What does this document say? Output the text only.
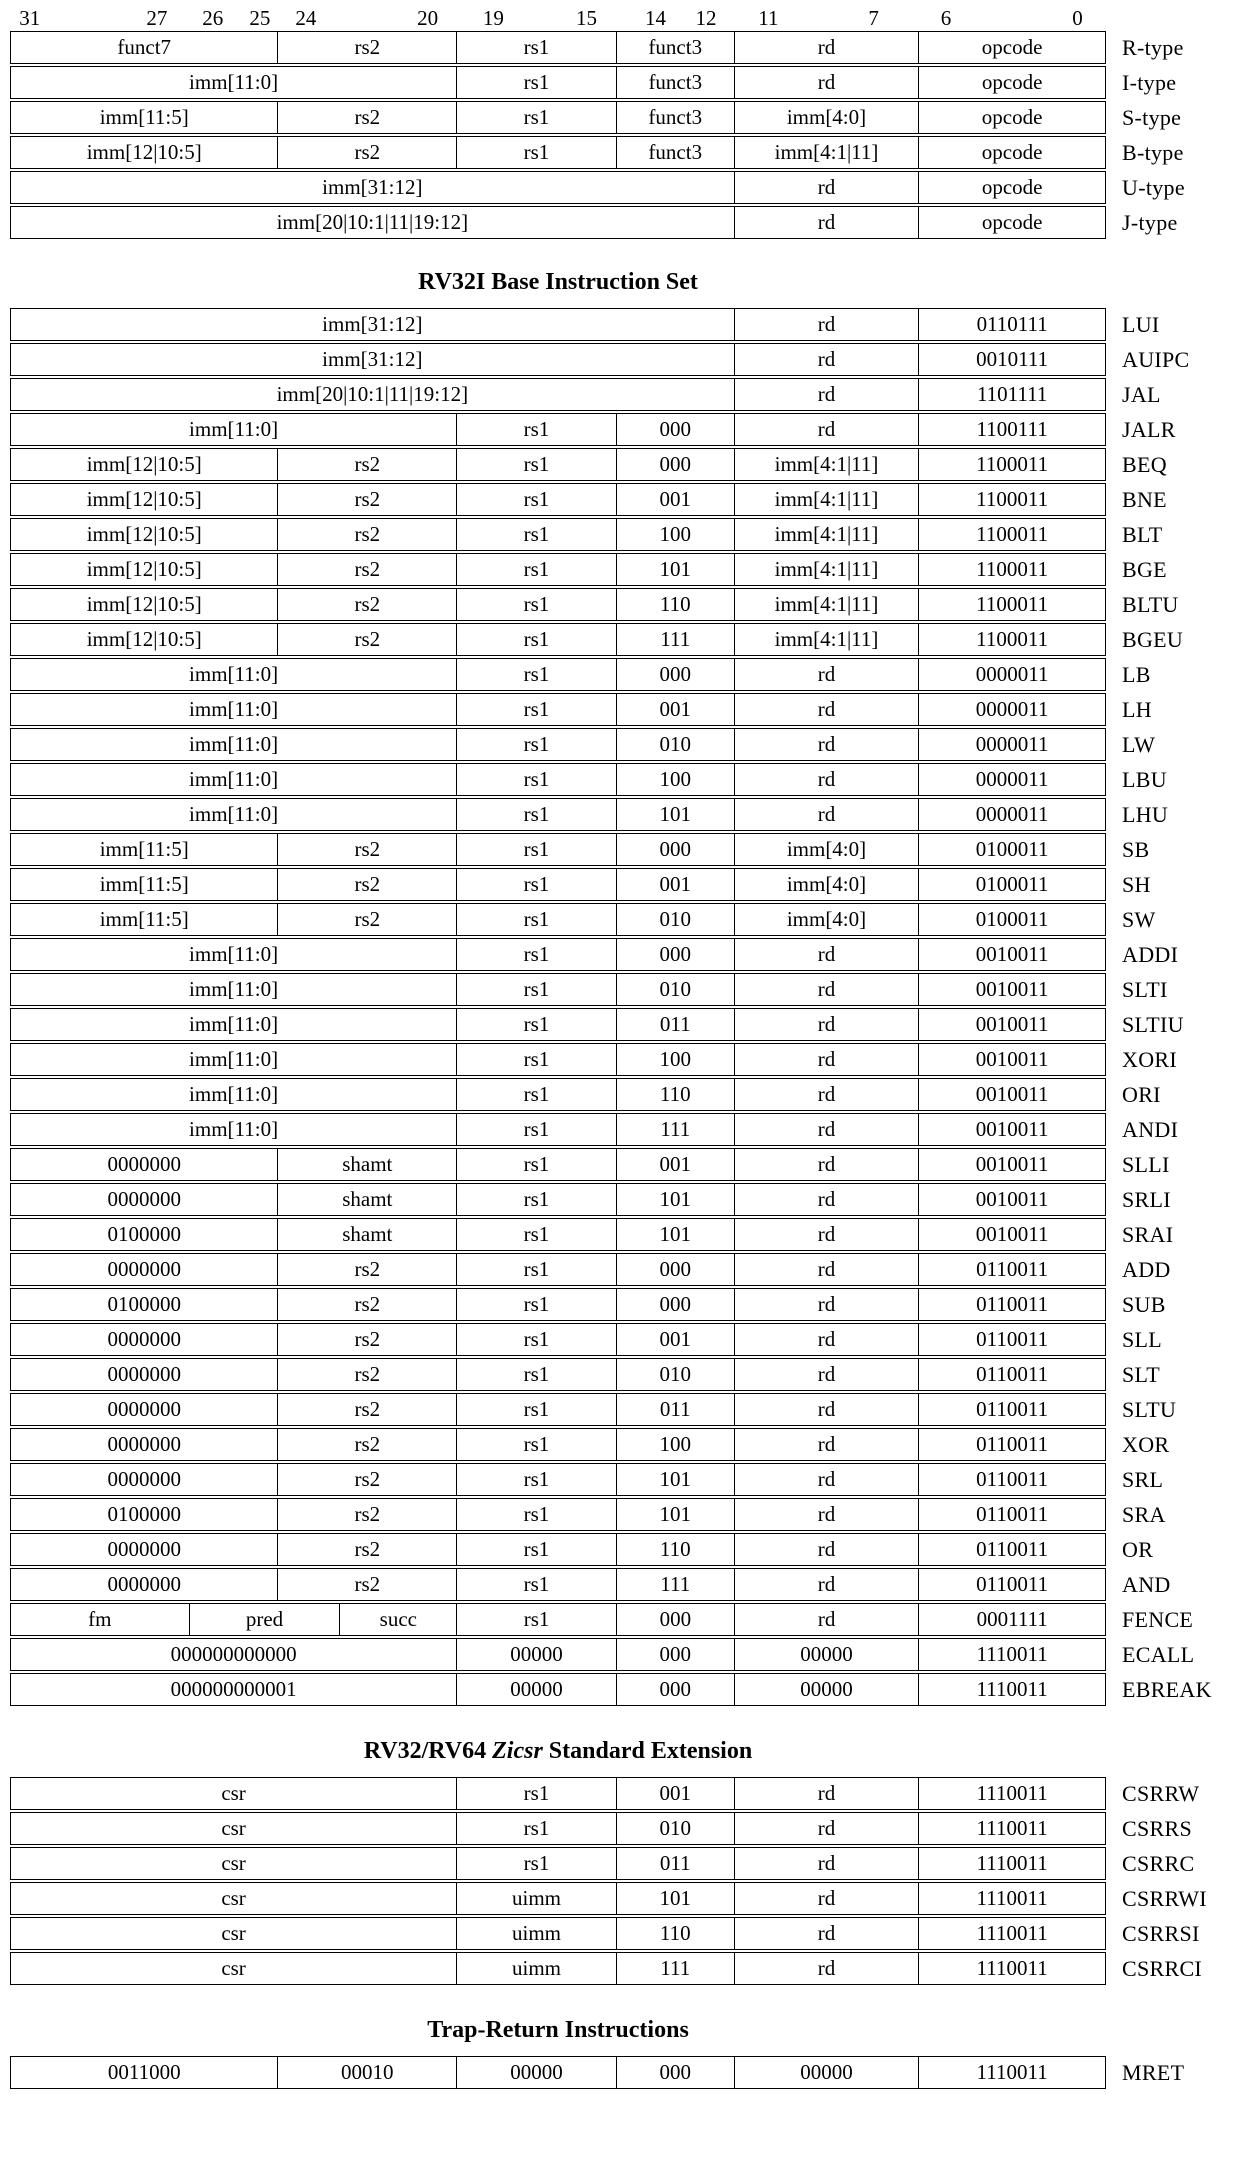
31	27 26 25 24	20 19	15 14 12 11	7	6	0
funct7	rs2	rs1	funct3	rd	opcode	R-type
imm[11:0]	rs1	funct3	rd	opcode	I-type
imm[11:5]	rs2	rs1	funct3	imm[4:0]	opcode	S-type
imm[12|10:5]	rs2	rs1	funct3	imm[4:1|11]	opcode	B-type
imm[31:12]	rd	opcode	U-type
imm[20|10:1|11|19:12]	rd	opcode	J-type
RV32I Base Instruction Set
imm[31:12]	rd	0110111	LUI
imm[31:12]	rd	0010111	AUIPC
imm[20|10:1|11|19:12]	rd	1101111	JAL
imm[11:0]	rs1	000	rd	1100111	JALR
imm[12|10:5]	rs2	rs1	000	imm[4:1|11]	1100011	BEQ
imm[12|10:5]	rs2	rs1	001	imm[4:1|11]	1100011	BNE
imm[12|10:5]	rs2	rs1	100	imm[4:1|11]	1100011	BLT
imm[12|10:5]	rs2	rs1	101	imm[4:1|11]	1100011	BGE
imm[12|10:5]	rs2	rs1	110	imm[4:1|11]	1100011	BLTU
imm[12|10:5]	rs2	rs1	111	imm[4:1|11]	1100011	BGEU
imm[11:0]	rs1	000	rd	0000011	LB
imm[11:0]	rs1	001	rd	0000011	LH
imm[11:0]	rs1	010	rd	0000011	LW
imm[11:0]	rs1	100	rd	0000011	LBU
imm[11:0]	rs1	101	rd	0000011	LHU
imm[11:5]	rs2	rs1	000	imm[4:0]	0100011	SB
imm[11:5]	rs2	rs1	001	imm[4:0]	0100011	SH
imm[11:5]	rs2	rs1	010	imm[4:0]	0100011	SW
imm[11:0]	rs1	000	rd	0010011	ADDI
imm[11:0]	rs1	010	rd	0010011	SLTI
imm[11:0]	rs1	011	rd	0010011	SLTIU
imm[11:0]	rs1	100	rd	0010011	XORI
imm[11:0]	rs1	110	rd	0010011	ORI
imm[11:0]	rs1	111	rd	0010011	ANDI
0000000	shamt	rs1	001	rd	0010011	SLLI
0000000	shamt	rs1	101	rd	0010011	SRLI
0100000	shamt	rs1	101	rd	0010011	SRAI
0000000	rs2	rs1	000	rd	0110011	ADD
0100000	rs2	rs1	000	rd	0110011	SUB
0000000	rs2	rs1	001	rd	0110011	SLL
0000000	rs2	rs1	010	rd	0110011	SLT
0000000	rs2	rs1	011	rd	0110011	SLTU
0000000	rs2	rs1	100	rd	0110011	XOR
0000000	rs2	rs1	101	rd	0110011	SRL
0100000	rs2	rs1	101	rd	0110011	SRA
0000000	rs2	rs1	110	rd	0110011	OR
0000000	rs2	rs1	111	rd	0110011	AND
fm	pred	succ	rs1	000	rd	0001111	FENCE
000000000000	00000	000	00000	1110011	ECALL
000000000001	00000	000	00000	1110011	EBREAK
RV32/RV64 Zicsr Standard Extension
csr	rs1	001	rd	1110011	CSRRW
csr	rs1	010	rd	1110011	CSRRS
csr	rs1	011	rd	1110011	CSRRC
csr	uimm	101	rd	1110011	CSRRWI
csr	uimm	110	rd	1110011	CSRRSI
csr	uimm	111	rd	1110011	CSRRCI
Trap-Return Instructions
0011000	00010	00000	000	00000	1110011	MRET
